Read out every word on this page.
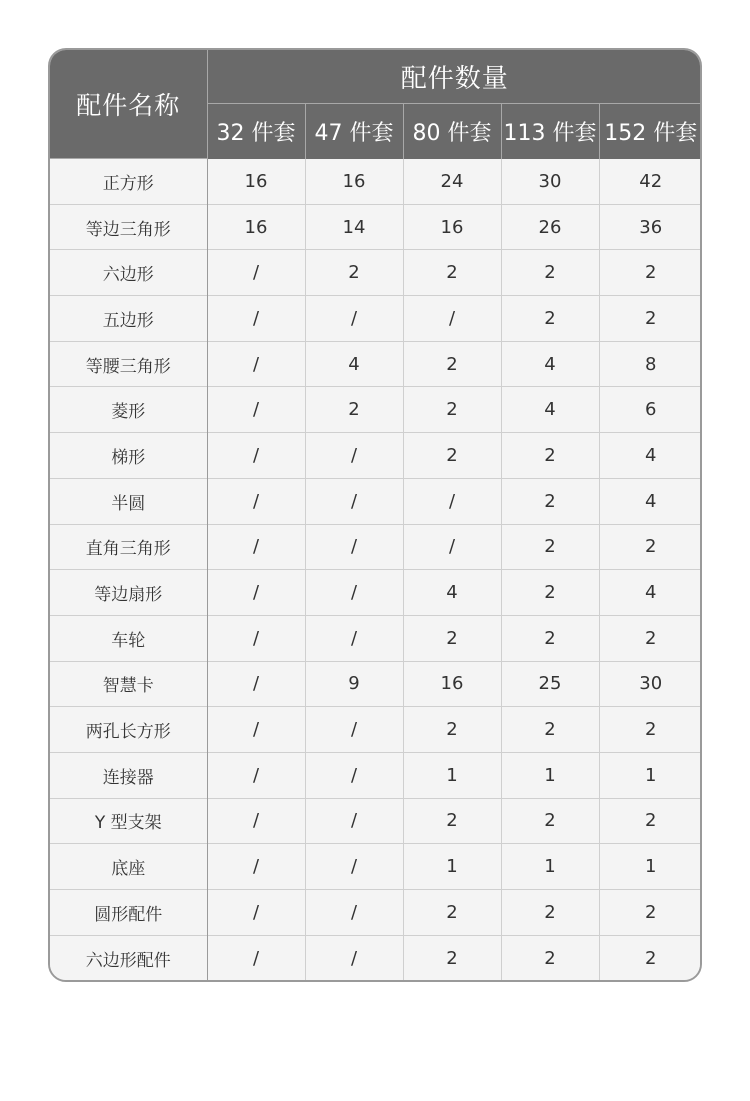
配件名称	配件数量				
	32 件套	47 件套	80 件套	113 件套	152 件套
正方形	16	16	24	30	42
等边三角形	16	14	16	26	36
六边形	/	2	2	2	2
五边形	/	/	/	2	2
等腰三角形	/	4	2	4	8
菱形	/	2	2	4	6
梯形	/	/	2	2	4
半圆	/	/	/	2	4
直角三角形	/	/	/	2	2
等边扇形	/	/	4	2	4
车轮	/	/	2	2	2
智慧卡	/	9	16	25	30
两孔长方形	/	/	2	2	2
连接器	/	/	1	1	1
Y 型支架	/	/	2	2	2
底座	/	/	1	1	1
圆形配件	/	/	2	2	2
六边形配件	/	/	2	2	2
